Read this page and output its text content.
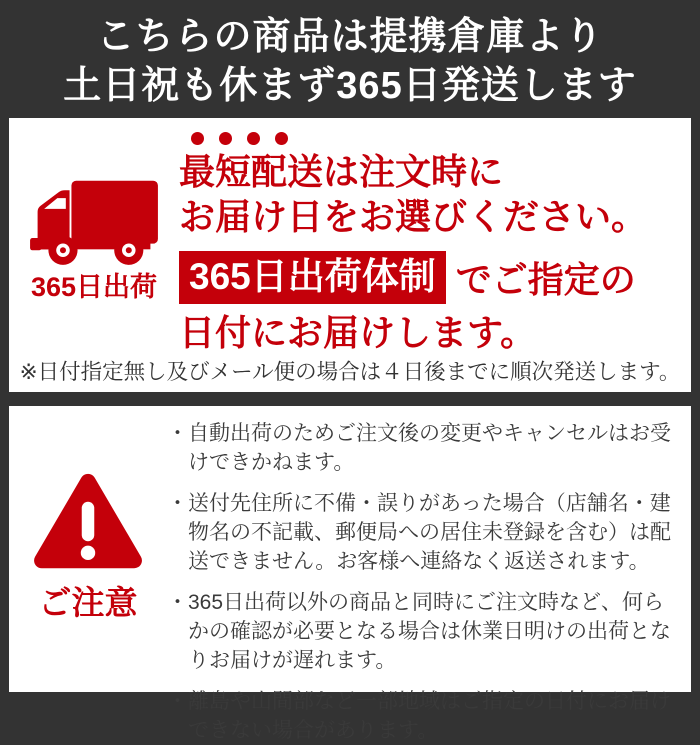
こちらの商品は提携倉庫より
土日祝も休まず365日発送します
365日出荷

最短配送は注文時に

お届け日をお選びください。

365日出荷体制 でご指定の

日付にお届けします。

※日付指定無し及びメール便の場合は４日後までに順次発送します。

ご注意
・ 自動出荷のためご注文後の変更やキャンセルはお受けできかねます。
・ 送付先住所に不備・誤りがあった場合（店舗名・建物名の不記載、郵便局への居住未登録を含む）は配送できません。お客様へ連絡なく返送されます。
・ 365日出荷以外の商品と同時にご注文時など、何らかの確認が必要となる場合は休業日明けの出荷となりお届けが遅れます。
・ 離島や山間部など一部地域はご指定の日付にお届けできない場合があります。
